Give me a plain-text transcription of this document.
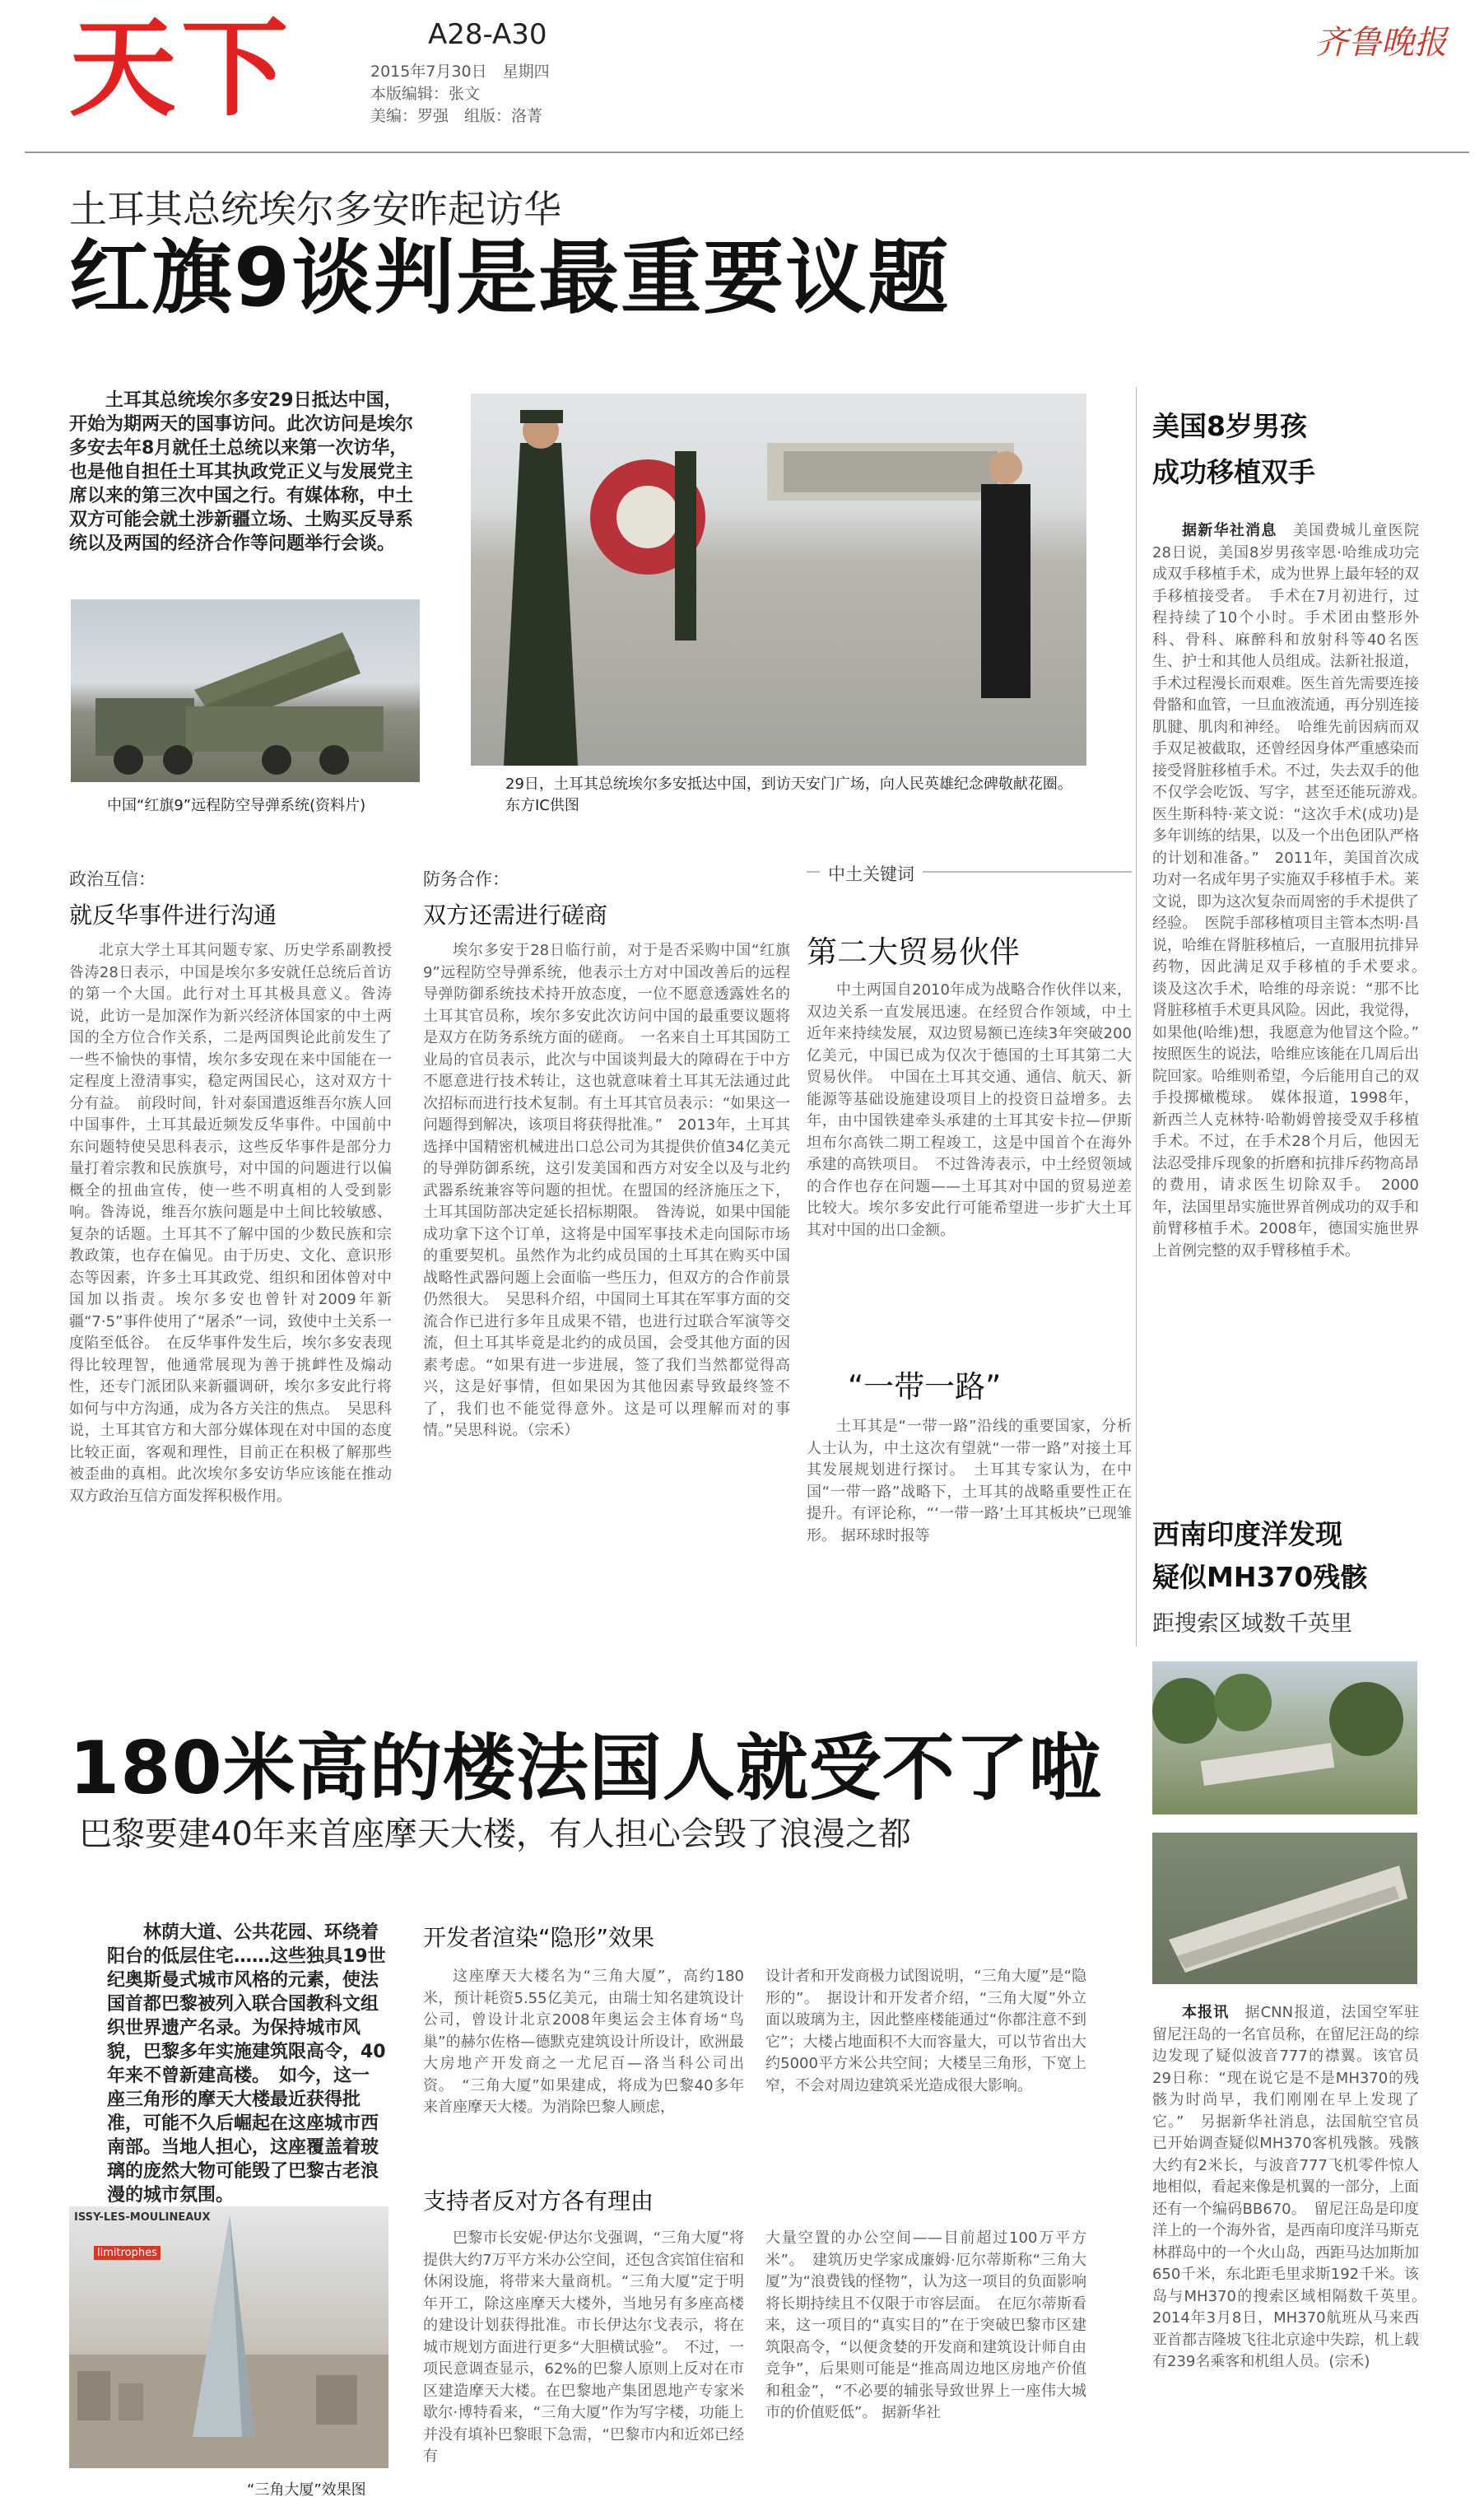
天下	A28-A30
2015年7月30日　星期四
本版编辑：张文
美编：罗强　组版：洛菁
齐鲁晚报
土耳其总统埃尔多安昨起访华
红旗9谈判是最重要议题
土耳其总统埃尔多安29日抵达中国，开始为期两天的国事访问。此次访问是埃尔多安去年8月就任土总统以来第一次访华，也是他自担任土耳其执政党正义与发展党主席以来的第三次中国之行。有媒体称，中土双方可能会就土涉新疆立场、土购买反导系统以及两国的经济合作等问题举行会谈。
中国“红旗9”远程防空导弹系统(资料片)
29日，土耳其总统埃尔多安抵达中国，到访天安门广场，向人民英雄纪念碑敬献花圈。 东方IC供图
政治互信：
就反华事件进行沟通
北京大学土耳其问题专家、历史学系副教授昝涛28日表示，中国是埃尔多安就任总统后首访的第一个大国。此行对土耳其极具意义。昝涛说，此访一是加深作为新兴经济体国家的中土两国的全方位合作关系，二是两国舆论此前发生了一些不愉快的事情，埃尔多安现在来中国能在一定程度上澄清事实，稳定两国民心，这对双方十分有益。　前段时间，针对泰国遣返维吾尔族人回中国事件，土耳其最近频发反华事件。中国前中东问题特使吴思科表示，这些反华事件是部分力量打着宗教和民族旗号，对中国的问题进行以偏概全的扭曲宣传，使一些不明真相的人受到影响。昝涛说，维吾尔族问题是中土间比较敏感、复杂的话题。土耳其不了解中国的少数民族和宗教政策，也存在偏见。由于历史、文化、意识形态等因素，许多土耳其政党、组织和团体曾对中国加以指责。埃尔多安也曾针对2009年新疆“7·5”事件使用了“屠杀”一词，致使中土关系一度陷至低谷。　在反华事件发生后，埃尔多安表现得比较理智，他通常展现为善于挑衅性及煽动性，还专门派团队来新疆调研，埃尔多安此行将如何与中方沟通，成为各方关注的焦点。　吴思科说，土耳其官方和大部分媒体现在对中国的态度比较正面，客观和理性，目前正在积极了解那些被歪曲的真相。此次埃尔多安访华应该能在推动双方政治互信方面发挥积极作用。
防务合作：
双方还需进行磋商
埃尔多安于28日临行前，对于是否采购中国“红旗9”远程防空导弹系统，他表示土方对中国改善后的远程导弹防御系统技术持开放态度，一位不愿意透露姓名的土耳其官员称，埃尔多安此次访问中国的最重要议题将是双方在防务系统方面的磋商。　一名来自土耳其国防工业局的官员表示，此次与中国谈判最大的障碍在于中方不愿意进行技术转让，这也就意味着土耳其无法通过此次招标而进行技术复制。有土耳其官员表示：“如果这一问题得到解决，该项目将获得批准。”　2013年，土耳其选择中国精密机械进出口总公司为其提供价值34亿美元的导弹防御系统，这引发美国和西方对安全以及与北约武器系统兼容等问题的担忧。在盟国的经济施压之下，土耳其国防部决定延长招标期限。　昝涛说，如果中国能成功拿下这个订单，这将是中国军事技术走向国际市场的重要契机。虽然作为北约成员国的土耳其在购买中国战略性武器问题上会面临一些压力，但双方的合作前景仍然很大。　吴思科介绍，中国同土耳其在军事方面的交流合作已进行多年且成果不错，也进行过联合军演等交流，但土耳其毕竟是北约的成员国，会受其他方面的因素考虑。“如果有进一步进展，签了我们当然都觉得高兴，这是好事情，但如果因为其他因素导致最终签不了，我们也不能觉得意外。这是可以理解而对的事情。”吴思科说。（宗禾）
中土关键词
第二大贸易伙伴
中土两国自2010年成为战略合作伙伴以来，双边关系一直发展迅速。在经贸合作领域，中土近年来持续发展，双边贸易额已连续3年突破200亿美元，中国已成为仅次于德国的土耳其第二大贸易伙伴。　中国在土耳其交通、通信、航天、新能源等基础设施建设项目上的投资日益增多。去年，由中国铁建牵头承建的土耳其安卡拉—伊斯坦布尔高铁二期工程竣工，这是中国首个在海外承建的高铁项目。　不过昝涛表示，中土经贸领域的合作也存在问题——土耳其对中国的贸易逆差比较大。埃尔多安此行可能希望进一步扩大土耳其对中国的出口金额。
“一带一路”
土耳其是“一带一路”沿线的重要国家，分析人士认为，中土这次有望就“一带一路”对接土耳其发展规划进行探讨。　土耳其专家认为，在中国“一带一路”战略下，土耳其的战略重要性正在提升。有评论称，“‘一带一路’土耳其板块”已现雏形。 据环球时报等
美国8岁男孩
成功移植双手
据新华社消息　 美国费城儿童医院28日说，美国8岁男孩宰恩·哈维成功完成双手移植手术，成为世界上最年轻的双手移植接受者。　手术在7月初进行，过程持续了10个小时。手术团由整形外科、骨科、麻醉科和放射科等40名医生、护士和其他人员组成。法新社报道，手术过程漫长而艰难。医生首先需要连接骨骼和血管，一旦血液流通，再分别连接肌腱、肌肉和神经。　哈维先前因病而双手双足被截取，还曾经因身体严重感染而接受肾脏移植手术。不过，失去双手的他不仅学会吃饭、写字，甚至还能玩游戏。　医生斯科特·莱文说：“这次手术(成功)是多年训练的结果，以及一个出色团队严格的计划和准备。”　2011年，美国首次成功对一名成年男子实施双手移植手术。莱文说，即为这次复杂而周密的手术提供了经验。　医院手部移植项目主管本杰明·昌说，哈维在肾脏移植后，一直服用抗排异药物，因此满足双手移植的手术要求。　谈及这次手术，哈维的母亲说：“那不比肾脏移植手术更具风险。因此，我觉得，如果他(哈维)想，我愿意为他冒这个险。”　按照医生的说法，哈维应该能在几周后出院回家。哈维则希望，今后能用自己的双手投掷橄榄球。　媒体报道，1998年，新西兰人克林特·哈勒姆曾接受双手移植手术。不过，在手术28个月后，他因无法忍受排斥现象的折磨和抗排斥药物高昂的费用，请求医生切除双手。　2000年，法国里昂实施世界首例成功的双手和前臂移植手术。2008年，德国实施世界上首例完整的双手臂移植手术。
西南印度洋发现
疑似MH370残骸
距搜索区域数千英里
本报讯　 据CNN报道，法国空军驻留尼汪岛的一名官员称，在留尼汪岛的综边发现了疑似波音777的襟翼。该官员29日称：“现在说它是不是MH370的残骸为时尚早，我们刚刚在早上发现了它。”　另据新华社消息，法国航空官员已开始调查疑似MH370客机残骸。残骸大约有2米长，与波音777飞机零件惊人地相似，看起来像是机翼的一部分，上面还有一个编码BB670。　留尼汪岛是印度洋上的一个海外省，是西南印度洋马斯克林群岛中的一个火山岛，西距马达加斯加650千米，东北距毛里求斯192千米。该岛与MH370的搜索区域相隔数千英里。　2014年3月8日，MH370航班从马来西亚首都吉隆坡飞往北京途中失踪，机上载有239名乘客和机组人员。(宗禾)
180米高的楼法国人就受不了啦
巴黎要建40年来首座摩天大楼，有人担心会毁了浪漫之都
林荫大道、公共花园、环绕着阳台的低层住宅……这些独具19世纪奥斯曼式城市风格的元素，使法国首都巴黎被列入联合国教科文组织世界遗产名录。为保持城市风貌，巴黎多年实施建筑限高令，40年来不曾新建高楼。　如今，这一座三角形的摩天大楼最近获得批准，可能不久后崛起在这座城市西南部。当地人担心，这座覆盖着玻璃的庞然大物可能毁了巴黎古老浪漫的城市氛围。
ISSY-LES-MOULINEAUX
limitrophes
“三角大厦”效果图
开发者渲染“隐形”效果
这座摩天大楼名为“三角大厦”，高约180米，预计耗资5.55亿美元，由瑞士知名建筑设计公司，曾设计北京2008年奥运会主体育场“鸟巢”的赫尔佐格—德默克建筑设计所设计，欧洲最大房地产开发商之一尤尼百—洛当科公司出资。　“三角大厦”如果建成，将成为巴黎40多年来首座摩天大楼。为消除巴黎人顾虑，
设计者和开发商极力试图说明，“三角大厦”是“隐形的”。　据设计和开发者介绍，“三角大厦”外立面以玻璃为主，因此整座楼能通过“你都注意不到它”；大楼占地面积不大而容量大，可以节省出大约5000平方米公共空间；大楼呈三角形，下宽上窄，不会对周边建筑采光造成很大影响。
支持者反对方各有理由
巴黎市长安妮·伊达尔戈强调，“三角大厦”将提供大约7万平方米办公空间，还包含宾馆住宿和休闲设施，将带来大量商机。“三角大厦”定于明年开工，除这座摩天大楼外，当地另有多座高楼的建设计划获得批准。市长伊达尔戈表示，将在城市规划方面进行更多“大胆横试验”。　不过，一项民意调查显示，62%的巴黎人原则上反对在市区建造摩天大楼。在巴黎地产集团恩地产专家米歇尔·博特看来，“三角大厦”作为写字楼，功能上并没有填补巴黎眼下急需，“巴黎市内和近郊已经有
大量空置的办公空间——目前超过100万平方米”。　建筑历史学家成廉姆·厄尔蒂斯称“三角大厦”为“浪费钱的怪物”，认为这一项目的负面影响将长期持续且不仅限于市容层面。　在厄尔蒂斯看来，这一项目的“真实目的”在于突破巴黎市区建筑限高令，“以便贪婪的开发商和建筑设计师自由竞争”，后果则可能是“推高周边地区房地产价值和租金”，“不必要的辅张导致世界上一座伟大城市的价值贬低”。 据新华社
